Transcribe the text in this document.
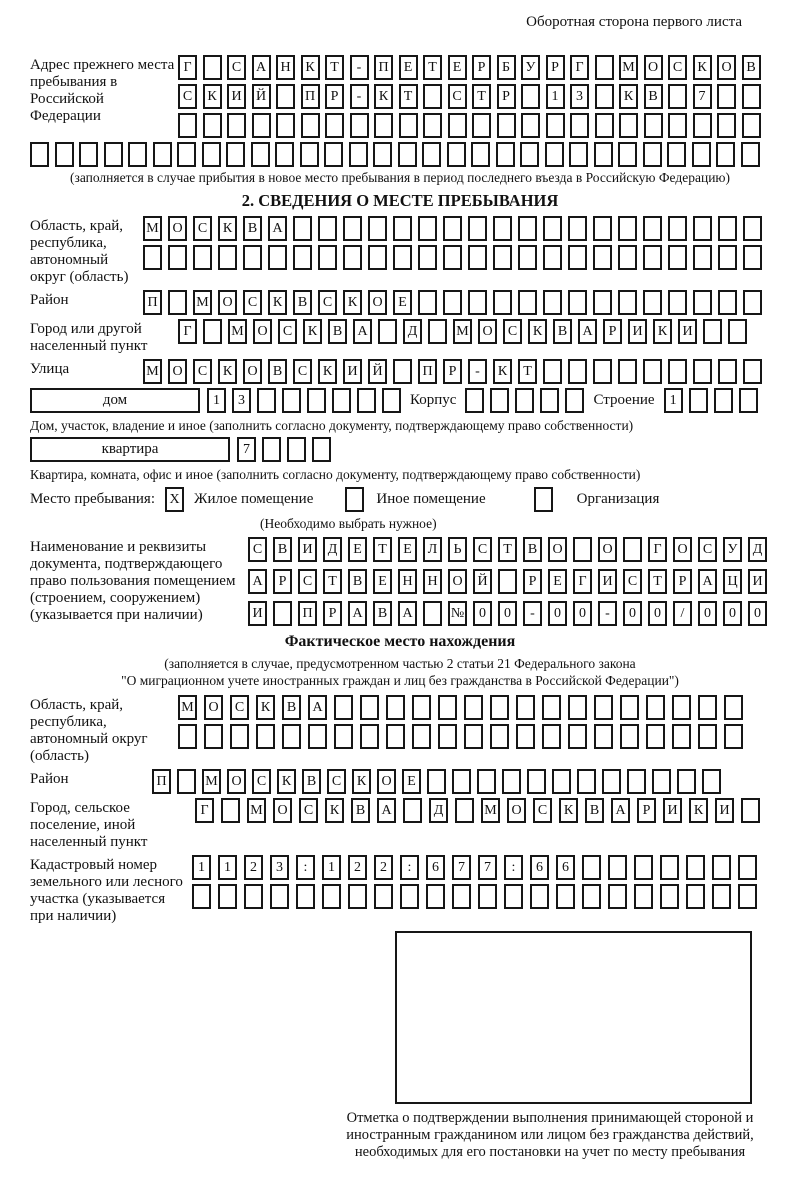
Оборотная сторона первого листа
Адрес прежнего места пребывания в Российской Федерации
Г	С	А	Н	К	Т	-	П	Е	Т	Е	Р	Б	У	Р	Г	М О	С	К	О	В
С	К	И	Й	П	Р	-	К	Т	С	Т	Р	1	3	К	В	7
(заполняется в случае прибытия в новое место пребывания в период последнего въезда в Российскую Федерацию)
2. СВЕДЕНИЯ О МЕСТЕ ПРЕБЫВАНИЯ
Область, край, республика, автономный округ (область)
М О	С	К	В	А
Район	П	М О	С	К	В	С	К	О	Е
Город или другой населенный пункт
Г	М О	С	К	В	А	Д	М О	С	К	В	А	Р	И	К	И
Улица	М О	С	К	О	В	С	К	И	Й	П	Р	-	К	Т
дом	1	3	Корпус	Строение	1
Дом, участок, владение и иное (заполнить согласно документу, подтверждающему право собственности)
квартира	7
Квартира, комната, офис и иное (заполнить согласно документу, подтверждающему право собственности)
Место пребывания:	X Жилое помещение	Иное помещение	Организация
(Необходимо выбрать нужное)
Наименование и реквизиты документа, подтверждающего право пользования помещением (строением, сооружением) (указывается при наличии)
С	В	И	Д	Е	Т	Е	Л	Ь	С	Т	В	О	О	Г	О	С	У	Д
А	Р	С	Т	В	Е	Н	Н	О	Й	Р	Е	Г	И	С	Т	Р	А	Ц	И
И	П	Р	А	В	А	№	0	0	-	0	0	-	0	0	/	0	0	0
Фактическое место нахождения
(заполняется в случае, предусмотренном частью 2 статьи 21 Федерального закона
"О миграционном учете иностранных граждан и лиц без гражданства в Российской Федерации")
Область, край, республика, автономный округ (область)
М	О	С	К	В	А
Район	П	М О	С	К	В	С	К	О	Е
Город, сельское поселение, иной населенный пункт
Г	М	О	С	К	В	А	Д	М	О	С	К	В	А	Р	И	К	И
Кадастровый номер земельного или лесного участка (указывается при наличии)
1	1	2	3	:	1	2	2	:	6	7	7	:	6	6
Отметка о подтверждении выполнения принимающей стороной и иностранным гражданином или лицом без гражданства действий, необходимых для его постановки на учет по месту пребывания
